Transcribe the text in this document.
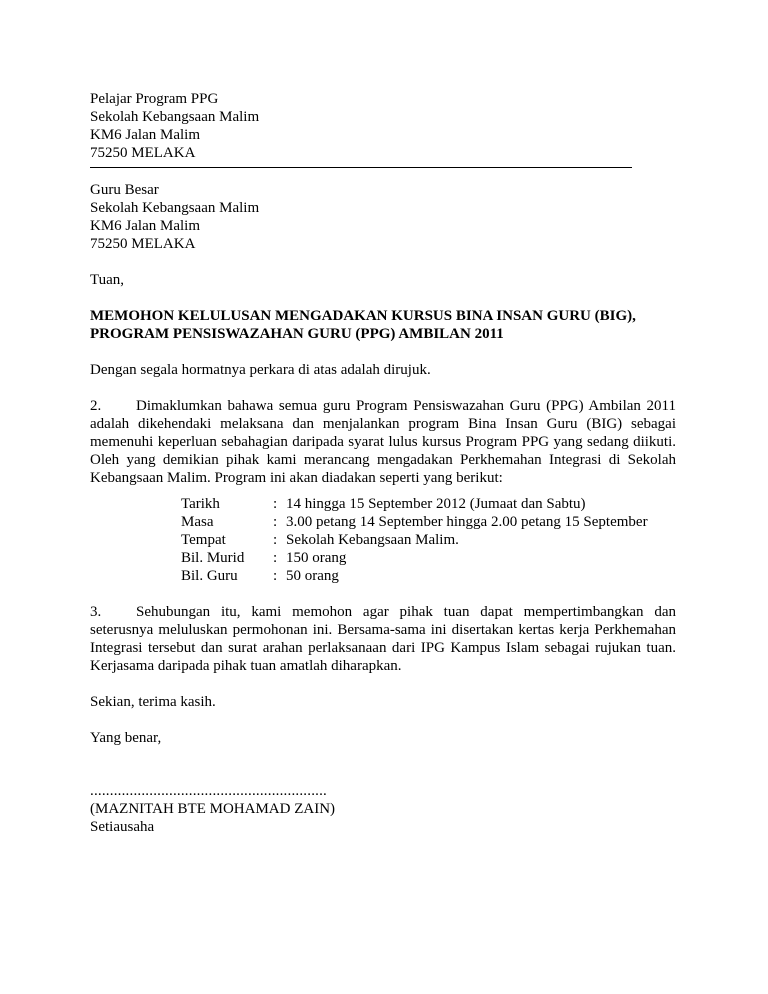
Pelajar Program PPG
Sekolah Kebangsaan Malim
KM6 Jalan Malim
75250 MELAKA
Guru Besar
Sekolah Kebangsaan Malim
KM6 Jalan Malim
75250 MELAKA
Tuan,
MEMOHON KELULUSAN MENGADAKAN KURSUS BINA INSAN GURU (BIG),
PROGRAM PENSISWAZAHAN GURU (PPG) AMBILAN 2011
Dengan segala hormatnya perkara di atas adalah dirujuk.
2. Dimaklumkan bahawa semua guru Program Pensiswazahan Guru (PPG) Ambilan 2011 adalah dikehendaki melaksana dan menjalankan program Bina Insan Guru (BIG) sebagai memenuhi keperluan sebahagian daripada syarat lulus kursus Program PPG yang sedang diikuti. Oleh yang demikian pihak kami merancang mengadakan Perkhemahan Integrasi di Sekolah Kebangsaan Malim. Program ini akan diadakan seperti yang berikut:
Tarikh	:	14 hingga 15 September 2012 (Jumaat dan Sabtu)
Masa	:	3.00 petang 14 September hingga 2.00 petang 15 September
Tempat	:	Sekolah Kebangsaan Malim.
Bil. Murid	:	150 orang
Bil. Guru	:	50 orang
3. Sehubungan itu, kami memohon agar pihak tuan dapat mempertimbangkan dan seterusnya meluluskan permohonan ini. Bersama-sama ini disertakan kertas kerja Perkhemahan Integrasi tersebut dan surat arahan perlaksanaan dari IPG Kampus Islam sebagai rujukan tuan. Kerjasama daripada pihak tuan amatlah diharapkan.
Sekian, terima kasih.
Yang benar,
............................................................
(MAZNITAH BTE MOHAMAD ZAIN)
Setiausaha
